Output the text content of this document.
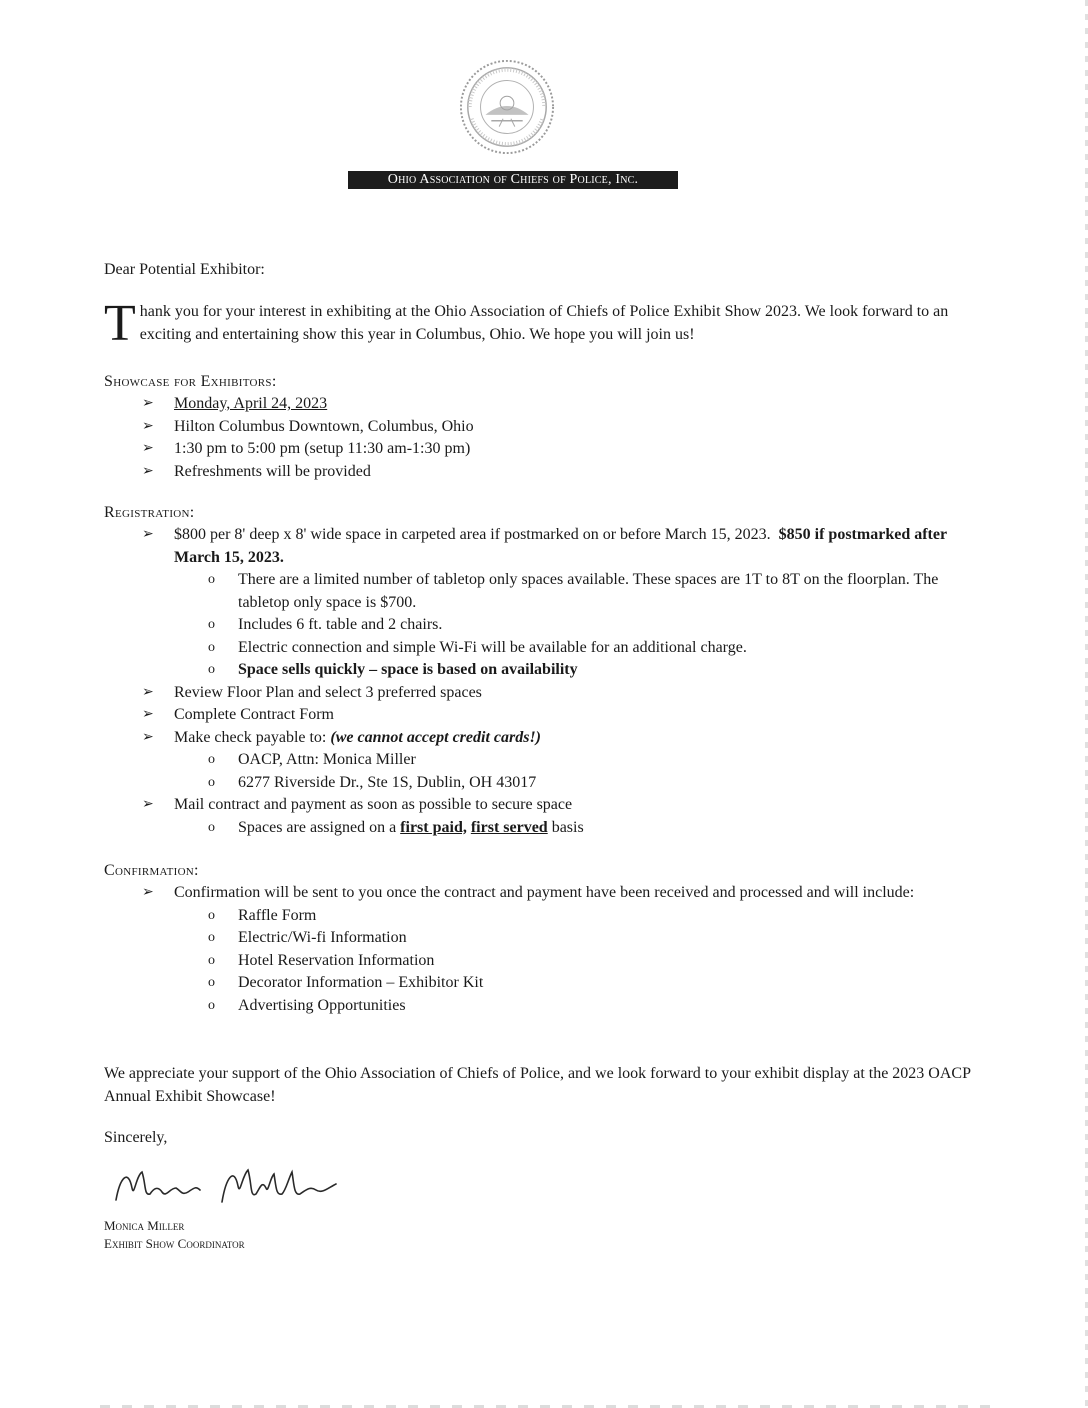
Ohio Association of Chiefs of Police, Inc.
Dear Potential Exhibitor:
Thank you for your interest in exhibiting at the Ohio Association of Chiefs of Police Exhibit Show 2023. We look forward to an exciting and entertaining show this year in Columbus, Ohio. We hope you will join us!
Showcase for Exhibitors:
➢ Monday, April 24, 2023
➢ Hilton Columbus Downtown, Columbus, Ohio
➢ 1:30 pm to 5:00 pm (setup 11:30 am-1:30 pm)
➢ Refreshments will be provided
Registration:
➢ $800 per 8' deep x 8' wide space in carpeted area if postmarked on or before March 15, 2023. $850 if postmarked after March 15, 2023.
o There are a limited number of tabletop only spaces available. These spaces are 1T to 8T on the floorplan. The tabletop only space is $700.
o Includes 6 ft. table and 2 chairs.
o Electric connection and simple Wi-Fi will be available for an additional charge.
o Space sells quickly – space is based on availability
➢ Review Floor Plan and select 3 preferred spaces
➢ Complete Contract Form
➢ Make check payable to: (we cannot accept credit cards!)
o OACP, Attn: Monica Miller
o 6277 Riverside Dr., Ste 1S, Dublin, OH 43017
➢ Mail contract and payment as soon as possible to secure space
o Spaces are assigned on a first paid, first served basis
Confirmation:
➢ Confirmation will be sent to you once the contract and payment have been received and processed and will include:
o Raffle Form
o Electric/Wi-fi Information
o Hotel Reservation Information
o Decorator Information – Exhibitor Kit
o Advertising Opportunities
We appreciate your support of the Ohio Association of Chiefs of Police, and we look forward to your exhibit display at the 2023 OACP Annual Exhibit Showcase!
Sincerely,
Monica Miller
Exhibit Show Coordinator
